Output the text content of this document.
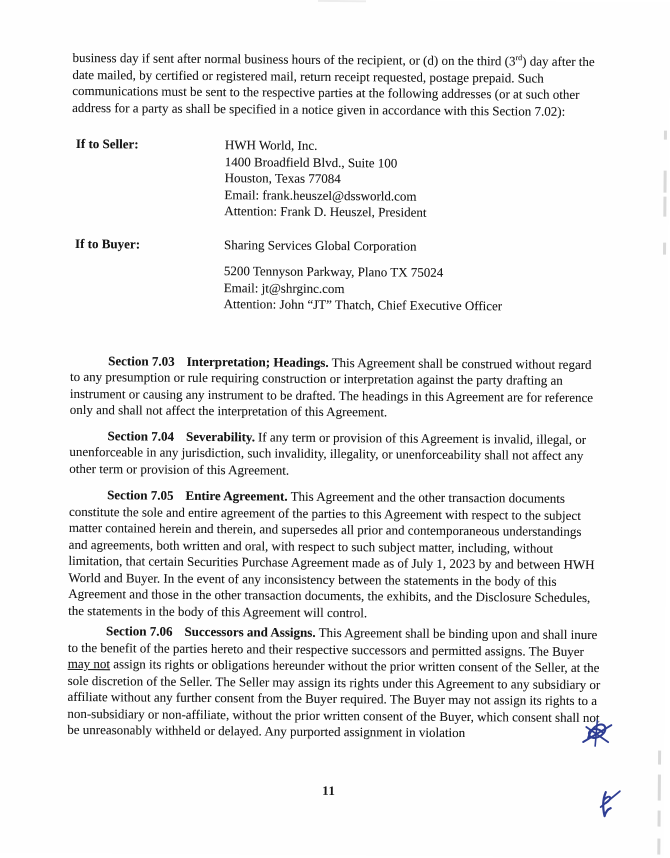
business day if sent after normal business hours of the recipient, or (d) on the third (3rd) day after the date mailed, by certified or registered mail, return receipt requested, postage prepaid. Such communications must be sent to the respective parties at the following addresses (or at such other address for a party as shall be specified in a notice given in accordance with this Section 7.02):

If to Seller:	HWH World, Inc.
1400 Broadfield Blvd., Suite 100
Houston, Texas 77084
Email: frank.heuszel@dssworld.com
Attention: Frank D. Heuszel, President
If to Buyer:	Sharing Services Global Corporation
5200 Tennyson Parkway, Plano TX 75024
Email: jt@shrginc.com
Attention: John “JT” Thatch, Chief Executive Officer

Section 7.03 Interpretation; Headings. This Agreement shall be construed without regard to any presumption or rule requiring construction or interpretation against the party drafting an instrument or causing any instrument to be drafted. The headings in this Agreement are for reference only and shall not affect the interpretation of this Agreement.

Section 7.04 Severability. If any term or provision of this Agreement is invalid, illegal, or unenforceable in any jurisdiction, such invalidity, illegality, or unenforceability shall not affect any other term or provision of this Agreement.

Section 7.05 Entire Agreement. This Agreement and the other transaction documents constitute the sole and entire agreement of the parties to this Agreement with respect to the subject matter contained herein and therein, and supersedes all prior and contemporaneous understandings and agreements, both written and oral, with respect to such subject matter, including, without limitation, that certain Securities Purchase Agreement made as of July 1, 2023 by and between HWH World and Buyer. In the event of any inconsistency between the statements in the body of this Agreement and those in the other transaction documents, the exhibits, and the Disclosure Schedules, the statements in the body of this Agreement will control.

Section 7.06 Successors and Assigns. This Agreement shall be binding upon and shall inure to the benefit of the parties hereto and their respective successors and permitted assigns. The Buyer may not assign its rights or obligations hereunder without the prior written consent of the Seller, at the sole discretion of the Seller. The Seller may assign its rights under this Agreement to any subsidiary or affiliate without any further consent from the Buyer required. The Buyer may not assign its rights to a non-subsidiary or non-affiliate, without the prior written consent of the Buyer, which consent shall not be unreasonably withheld or delayed. Any purported assignment in violation

11
